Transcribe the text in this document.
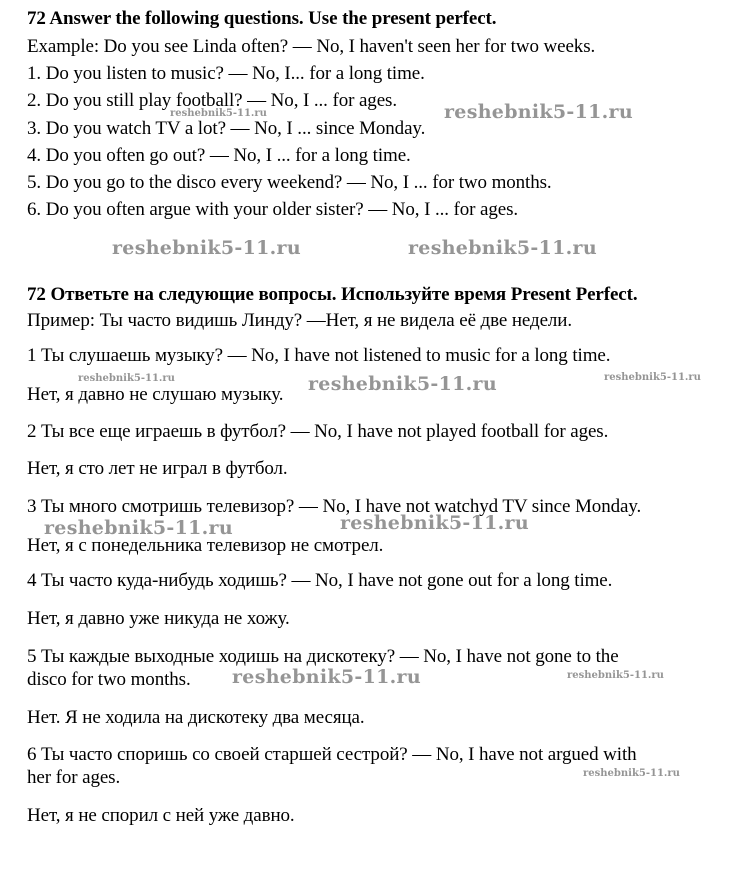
72 Answer the following questions. Use the present perfect.
Example: Do you see Linda often? — No, I haven't seen her for two weeks.
1. Do you listen to music? — No, I... for a long time.
2. Do you still play football? — No, I ... for ages.
3. Do you watch TV a lot? — No, I ... since Monday.
4. Do you often go out? — No, I ... for a long time.
5. Do you go to the disco every weekend? — No, I ... for two months.
6. Do you often argue with your older sister? — No, I ... for ages.
72 Ответьте на следующие вопросы. Используйте время Present Perfect.
Пример: Ты часто видишь Линду? —Нет, я не видела её две недели.
1 Ты слушаешь музыку? — No, I have not listened to music for a long time.
Нет, я давно не слушаю музыку.
2 Ты все еще играешь в футбол? — No, I have not played football for ages.
Нет, я сто лет не играл в футбол.
3 Ты много смотришь телевизор? — No, I have not watchyd TV since Monday.
Нет, я с понедельника телевизор не смотрел.
4 Ты часто куда-нибудь ходишь? — No, I have not gone out for a long time.
Нет, я давно уже никуда не хожу.
5 Ты каждые выходные ходишь на дискотеку? — No, I have not gone to the
disco for two months.
Нет. Я не ходила на дискотеку два месяца.
6 Ты часто споришь со своей старшей сестрой? — No, I have not argued with
her for ages.
Нет, я не спорил с ней уже давно.
reshebnik5-11.ru	reshebnik5-11.ru
reshebnik5-11.ru	reshebnik5-11.ru
reshebnik5-11.ru	reshebnik5-11.ru	reshebnik5-11.ru
reshebnik5-11.ru	reshebnik5-11.ru
reshebnik5-11.ru	reshebnik5-11.ru
reshebnik5-11.ru
